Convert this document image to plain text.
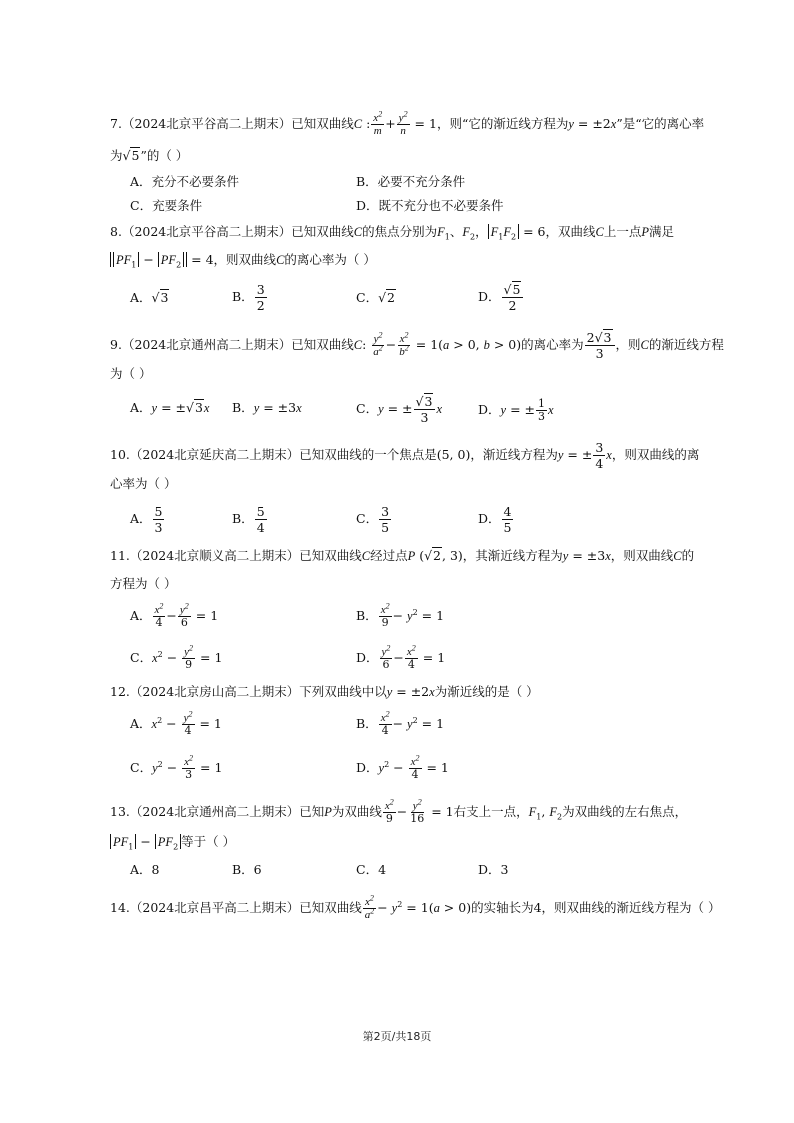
7.（2024北京平谷高二上期末）已知双曲线C : $\frac{x^2}{m} + \frac{y^2}{n} = 1$，则“它的渐近线方程为y = ±2x”是“它的离心率
为√5”的（ ）
A．充分不必要条件	B．必要不充分条件
C．充要条件	D．既不充分也不必要条件
8.（2024北京平谷高二上期末）已知双曲线C的焦点分别为$F_1$、$F_2$， $F_1F_2 = 6$，双曲线C上一点P满足
$PF_1 - PF_2 = 4$，则双曲线C的离心率为（ ）
A．√3	B． $\frac{3}{2}$	C．√2	D． $\frac{√5}{2}$
9.（2024北京通州高二上期末）已知双曲线C: $\frac{y^2}{a^2} - \frac{x^2}{b^2} = 1(a > 0$, b > 0)的离心率为 $\frac{2√3}{3}$ ，则C的渐近线方程
为（ ）
A．y = ±√3x B．y = ±3x	C．y = ± $\frac{√3}{3}$ x	D．y = ± $\frac{1}{3}$ x
10.（2024北京延庆高二上期末）已知双曲线的一个焦点是(5, 0)，渐近线方程为y = ± $\frac{3}{4}$ x，则双曲线的离
心率为（ ）
A． $\frac{5}{3}$	B． $\frac{5}{4}$	C． $\frac{3}{5}$	D． $\frac{4}{5}$
11.（2024北京顺义高二上期末）已知双曲线C经过点P (√2, 3)，其渐近线方程为y = ±3x，则双曲线C的
方程为（ ）
A． $\frac{x^2}{4} - \frac{y^2}{6} = 1$	B． $\frac{x^2}{9} - y^2 = 1$
C．$x^2 - \frac{y^2}{9} = 1$	D． $\frac{y^2}{6} - \frac{x^2}{4} = 1$
12.（2024北京房山高二上期末）下列双曲线中以y = ±2x为渐近线的是（ ）
A．$x^2 - \frac{y^2}{4} = 1$	B． $\frac{x^2}{4} - y^2 = 1$
C．$y^2 - \frac{x^2}{3} = 1$	D．$y^2 - \frac{x^2}{4} = 1$
13.（2024北京通州高二上期末）已知P为双曲线 $\frac{x^2}{9} - \frac{y^2}{16} = 1$右支上一点，$F_1$, $F_2$为双曲线的左右焦点，
$PF_1 - PF_2$ 等于（ ）
A．8	B．6	C．4	D．3
14.（2024北京昌平高二上期末）已知双曲线 $\frac{x^2}{a^2} - y^2 = 1(a > 0)$的实轴长为4，则双曲线的渐近线方程为（ ）
第2页/共18页
